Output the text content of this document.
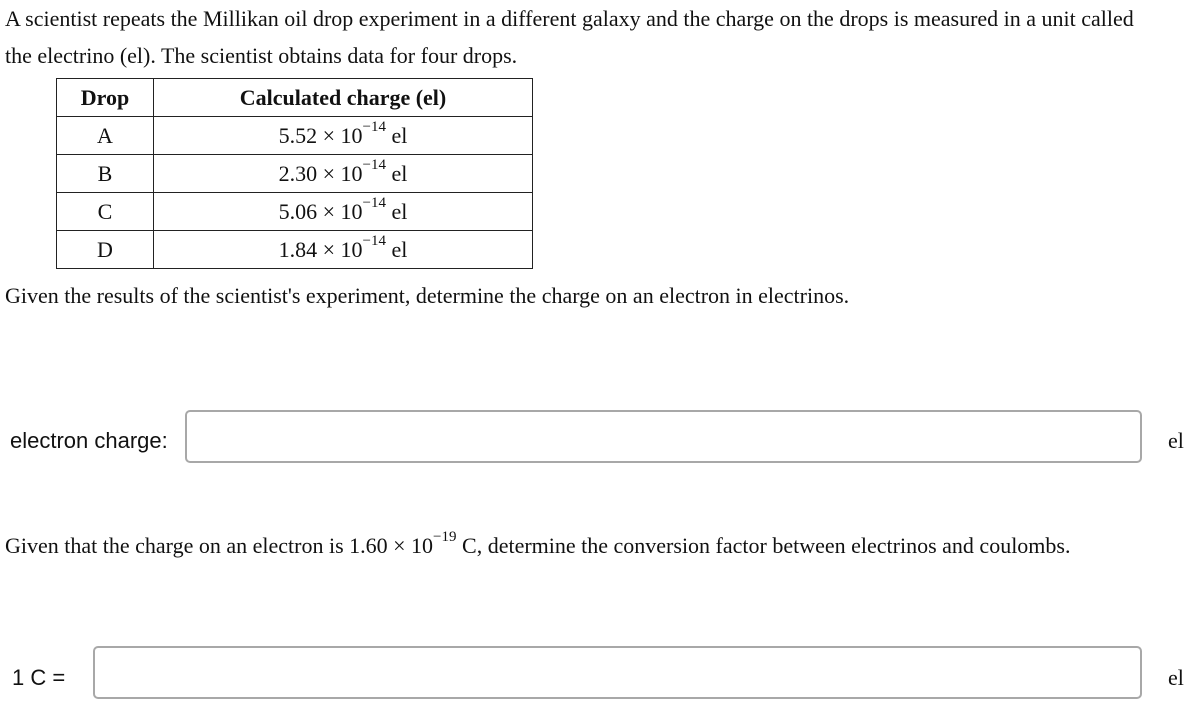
A scientist repeats the Millikan oil drop experiment in a different galaxy and the charge on the drops is measured in a unit called
the electrino (el). The scientist obtains data for four drops.
Drop	Calculated charge (el)
A	$5.52 \times 10^{-14}$ el
B	$2.30 \times 10^{-14}$ el
C	$5.06 \times 10^{-14}$ el
D	$1.84 \times 10^{-14}$ el
Given the results of the scientist's experiment, determine the charge on an electron in electrinos.
electron charge:	el
Given that the charge on an electron is $1.60 \times 10^{-19}$ C, determine the conversion factor between electrinos and coulombs.
1 C =	el
